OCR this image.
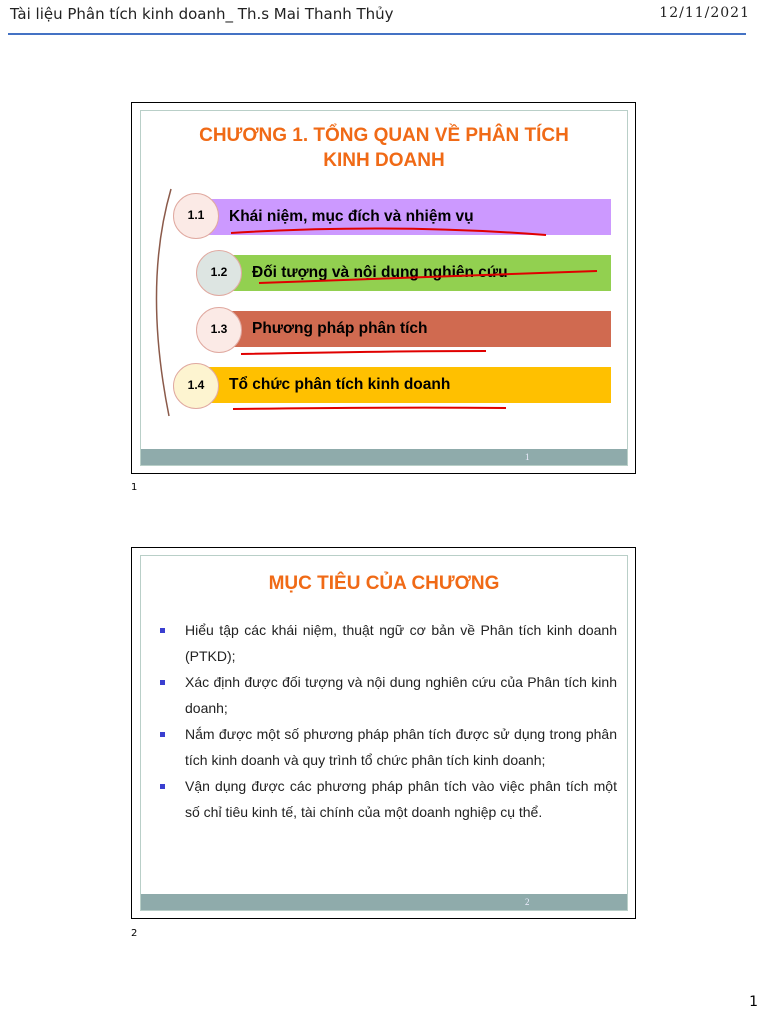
Tài liệu Phân tích kinh doanh_ Th.s Mai Thanh Thủy	12/11/2021
CHƯƠNG 1. TỔNG QUAN VỀ PHÂN TÍCH
KINH DOANH
Khái niệm, mục đích và nhiệm vụ
1.1
Đối tượng và nội dung nghiên cứu
1.2
Phương pháp phân tích
1.3
Tổ chức phân tích kinh doanh
1.4
1
1
MỤC TIÊU CỦA CHƯƠNG
Hiểu tập các khái niệm, thuật ngữ cơ bản về Phân tích kinh doanh (PTKD);
Xác định được đối tượng và nội dung nghiên cứu của Phân tích kinh doanh;
Nắm được một số phương pháp phân tích được sử dụng trong phân tích kinh doanh và quy trình tổ chức phân tích kinh doanh;
Vận dụng được các phương pháp phân tích vào việc phân tích một số chỉ tiêu kinh tế, tài chính của một doanh nghiệp cụ thể.
2
2
1
